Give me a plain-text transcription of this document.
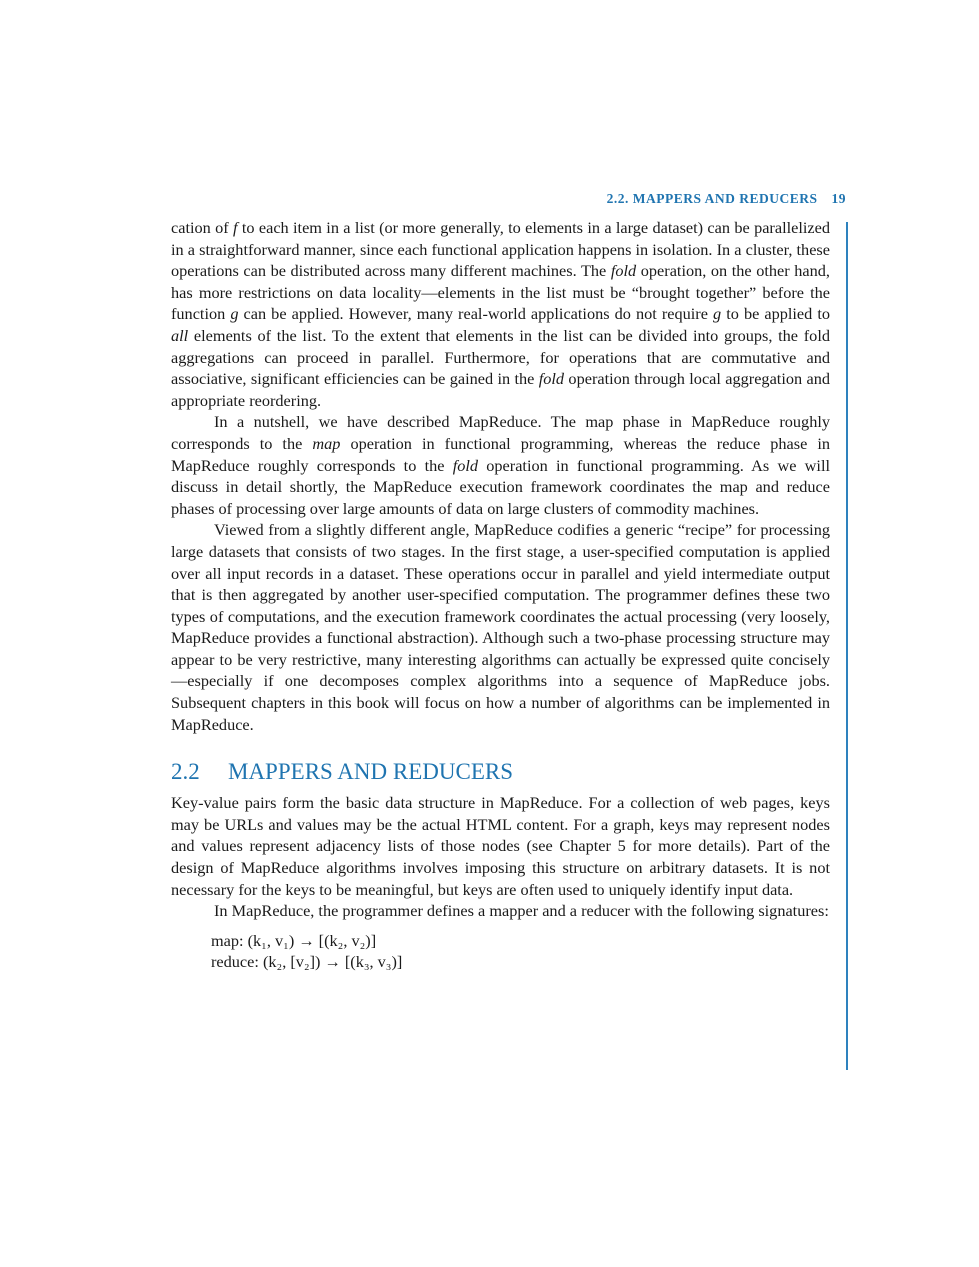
2.2. MAPPERS AND REDUCERS 19

cation of f to each item in a list (or more generally, to elements in a large dataset) can be parallelized in a straightforward manner, since each functional application happens in isolation. In a cluster, these operations can be distributed across many different machines. The fold operation, on the other hand, has more restrictions on data locality—elements in the list must be “brought together” before the function g can be applied. However, many real-world applications do not require g to be applied to all elements of the list. To the extent that elements in the list can be divided into groups, the fold aggregations can proceed in parallel. Furthermore, for operations that are commutative and associative, significant efficiencies can be gained in the fold operation through local aggregation and appropriate reordering.

In a nutshell, we have described MapReduce. The map phase in MapReduce roughly corresponds to the map operation in functional programming, whereas the reduce phase in MapReduce roughly corresponds to the fold operation in functional programming. As we will discuss in detail shortly, the MapReduce execution framework coordinates the map and reduce phases of processing over large amounts of data on large clusters of commodity machines.

Viewed from a slightly different angle, MapReduce codifies a generic “recipe” for processing large datasets that consists of two stages. In the first stage, a user-specified computation is applied over all input records in a dataset. These operations occur in parallel and yield intermediate output that is then aggregated by another user-specified computation. The programmer defines these two types of computations, and the execution framework coordinates the actual processing (very loosely, MapReduce provides a functional abstraction). Although such a two-phase processing structure may appear to be very restrictive, many interesting algorithms can actually be expressed quite concisely—especially if one decomposes complex algorithms into a sequence of MapReduce jobs. Subsequent chapters in this book will focus on how a number of algorithms can be implemented in MapReduce.

2.2 MAPPERS AND REDUCERS

Key-value pairs form the basic data structure in MapReduce. For a collection of web pages, keys may be URLs and values may be the actual HTML content. For a graph, keys may represent nodes and values represent adjacency lists of those nodes (see Chapter 5 for more details). Part of the design of MapReduce algorithms involves imposing this structure on arbitrary datasets. It is not necessary for the keys to be meaningful, but keys are often used to uniquely identify input data.

In MapReduce, the programmer defines a mapper and a reducer with the following signatures:

map: (k₁, v₁) → [(k₂, v₂)]
reduce: (k₂, [v₂]) → [(k₃, v₃)]
